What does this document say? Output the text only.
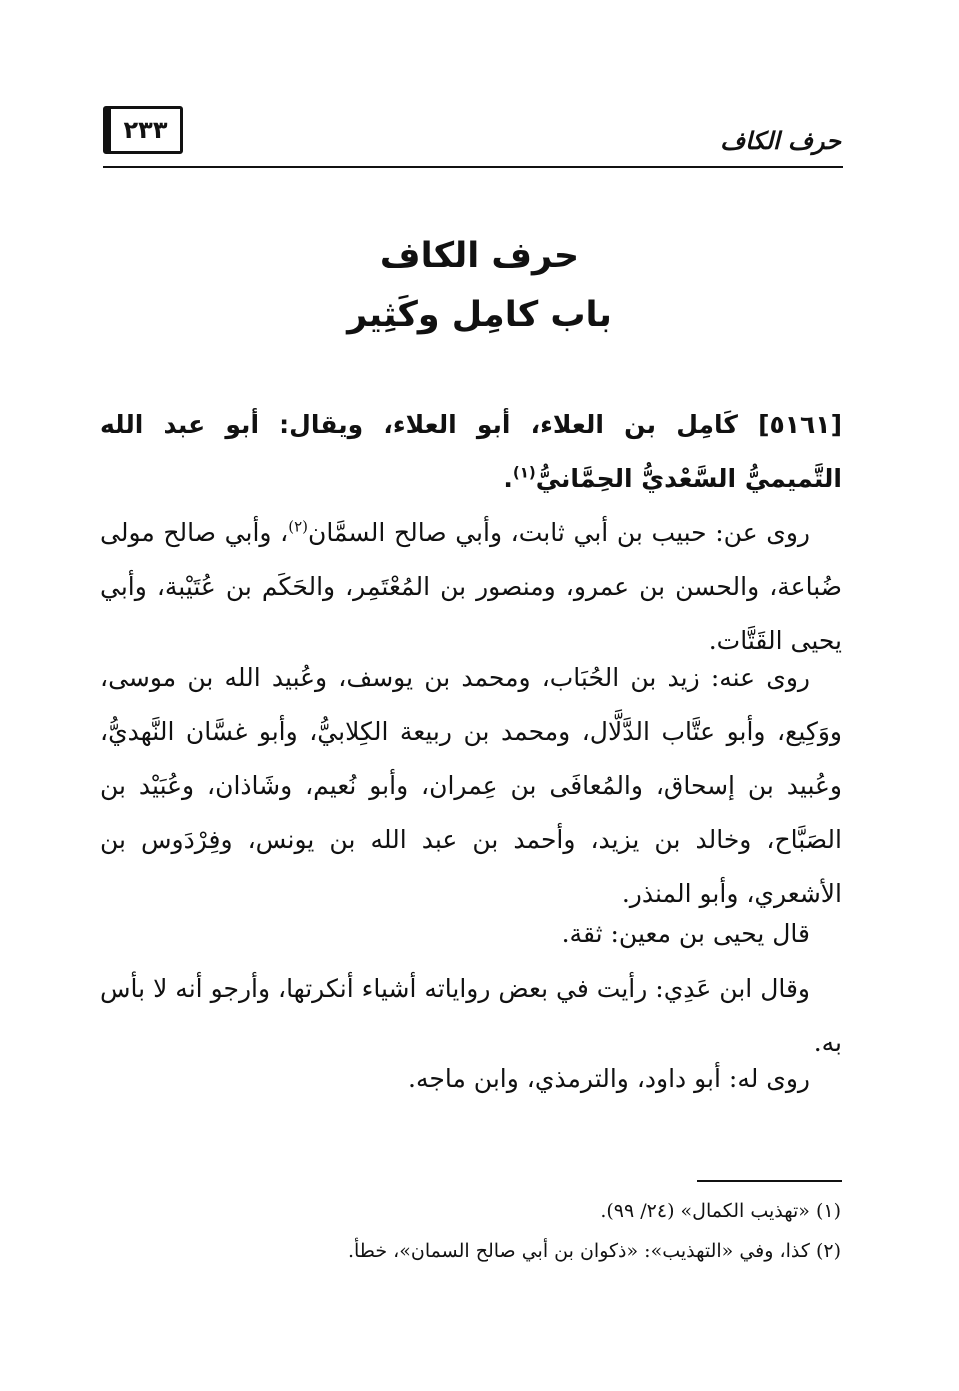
٢٣٣	حرف الكاف
حرف الكاف
باب كامِل وكَثِير
[٥١٦١] كَامِل بن العلاء، أبو العلاء، ويقال: أبو عبد الله التَّميميُّ السَّعْديُّ الحِمَّانيُّ$^{(١)}$.

روى عن: حبيب بن أبي ثابت، وأبي صالح السمَّان$^{(٢)}$، وأبي صالح مولى ضُباعة، والحسن بن عمرو، ومنصور بن المُعْتَمِر، والحَكَم بن عُتَيْبة، وأبي يحيى القَتَّات.

روى عنه: زيد بن الحُبَاب، ومحمد بن يوسف، وعُبيد الله بن موسى، ووَكِيع، وأبو عتَّاب الدَّلَّال، ومحمد بن ربيعة الكِلابيُّ، وأبو غسَّان النَّهديُّ، وعُبيد بن إسحاق، والمُعافَى بن عِمران، وأبو نُعيم، وشَاذان، وعُبَيْد بن الصَبَّاح، وخالد بن يزيد، وأحمد بن عبد الله بن يونس، وفِرْدَوس بن الأشعري، وأبو المنذر.

قال يحيى بن معين: ثقة.

وقال ابن عَدِي: رأيت في بعض رواياته أشياء أنكرتها، وأرجو أنه لا بأس به.

روى له: أبو داود، والترمذي، وابن ماجه.

(١) «تهذيب الكمال» (٢٤/ ٩٩).
(٢) كذا، وفي «التهذيب»: «ذكوان بن أبي صالح السمان»، خطأ.
